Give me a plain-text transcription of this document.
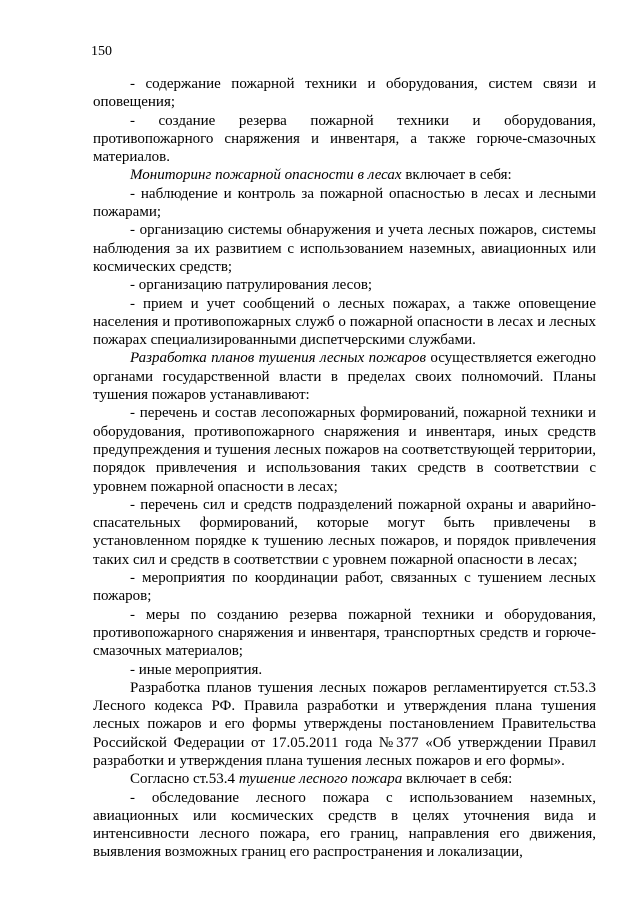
150

- содержание пожарной техники и оборудования, систем связи и оповещения;

- создание резерва пожарной техники и оборудования, противопожарного снаряжения и инвентаря, а также горюче-смазочных материалов.

Мониторинг пожарной опасности в лесах включает в себя:

- наблюдение и контроль за пожарной опасностью в лесах и лесными пожарами;

- организацию системы обнаружения и учета лесных пожаров, системы наблюдения за их развитием с использованием наземных, авиационных или космических средств;

- организацию патрулирования лесов;

- прием и учет сообщений о лесных пожарах, а также оповещение населения и противопожарных служб о пожарной опасности в лесах и лесных пожарах специализированными диспетчерскими службами.

Разработка планов тушения лесных пожаров осуществляется ежегодно органами государственной власти в пределах своих полномочий. Планы тушения пожаров устанавливают:

- перечень и состав лесопожарных формирований, пожарной техники и оборудования, противопожарного снаряжения и инвентаря, иных средств предупреждения и тушения лесных пожаров на соответствующей территории, порядок привлечения и использования таких средств в соответствии с уровнем пожарной опасности в лесах;

- перечень сил и средств подразделений пожарной охраны и аварийно-спасательных формирований, которые могут быть привлечены в установленном порядке к тушению лесных пожаров, и порядок привлечения таких сил и средств в соответствии с уровнем пожарной опасности в лесах;

- мероприятия по координации работ, связанных с тушением лесных пожаров;

- меры по созданию резерва пожарной техники и оборудования, противопожарного снаряжения и инвентаря, транспортных средств и горюче-смазочных материалов;

- иные мероприятия.

Разработка планов тушения лесных пожаров регламентируется ст.53.3 Лесного кодекса РФ. Правила разработки и утверждения плана тушения лесных пожаров и его формы утверждены постановлением Правительства Российской Федерации от 17.05.2011 года №377 «Об утверждении Правил разработки и утверждения плана тушения лесных пожаров и его формы».

Согласно ст.53.4 тушение лесного пожара включает в себя:

- обследование лесного пожара с использованием наземных, авиационных или космических средств в целях уточнения вида и интенсивности лесного пожара, его границ, направления его движения, выявления возможных границ его распространения и локализации,
